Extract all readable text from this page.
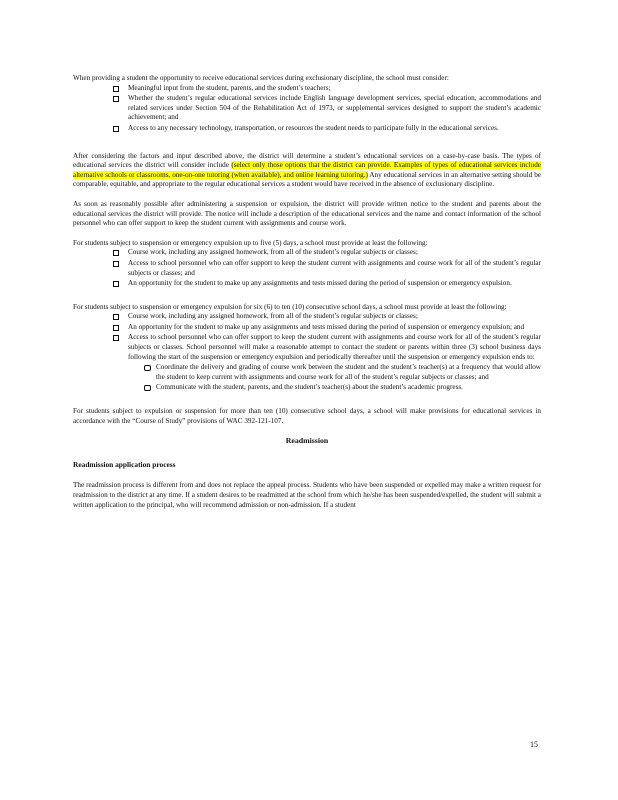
When providing a student the opportunity to receive educational services during exclusionary discipline, the school must consider:

Meaningful input from the student, parents, and the student’s teachers;
Whether the student’s regular educational services include English language development services, special education, accommodations and related services under Section 504 of the Rehabilitation Act of 1973, or supplemental services designed to support the student’s academic achievement; and
Access to any necessary technology, transportation, or resources the student needs to participate fully in the educational services.

After considering the factors and input described above, the district will determine a student’s educational services on a case-by-case basis. The types of educational services the district will consider include (select only those options that the district can provide. Examples of types of educational services include alternative schools or classrooms, one-on-one tutoring (when available), and online learning tutoring.) Any educational services in an alternative setting should be comparable, equitable, and appropriate to the regular educational services a student would have received in the absence of exclusionary discipline.

As soon as reasonably possible after administering a suspension or expulsion, the district will provide written notice to the student and parents about the educational services the district will provide. The notice will include a description of the educational services and the name and contact information of the school personnel who can offer support to keep the student current with assignments and course work.

For students subject to suspension or emergency expulsion up to five (5) days, a school must provide at least the following:

Course work, including any assigned homework, from all of the student’s regular subjects or classes;
Access to school personnel who can offer support to keep the student current with assignments and course work for all of the student’s regular subjects or classes; and
An opportunity for the student to make up any assignments and tests missed during the period of suspension or emergency expulsion.

For students subject to suspension or emergency expulsion for six (6) to ten (10) consecutive school days, a school must provide at least the following:

Course work, including any assigned homework, from all of the student’s regular subjects or classes;
An opportunity for the student to make up any assignments and tests missed during the period of suspension or emergency expulsion; and
Access to school personnel who can offer support to keep the student current with assignments and course work for all of the student’s regular subjects or classes. School personnel will make a reasonable attempt to contact the student or parents within three (3) school business days following the start of the suspension or emergency expulsion and periodically thereafter until the suspension or emergency expulsion ends to:
Coordinate the delivery and grading of course work between the student and the student’s teacher(s) at a frequency that would allow the student to keep current with assignments and course work for all of the student’s regular subjects or classes; and
Communicate with the student, parents, and the student’s teacher(s) about the student’s academic progress.

For students subject to expulsion or suspension for more than ten (10) consecutive school days, a school will make provisions for educational services in accordance with the “Course of Study” provisions of WAC 392-121-107.

Readmission
Readmission application process

The readmission process is different from and does not replace the appeal process. Students who have been suspended or expelled may make a written request for readmission to the district at any time. If a student desires to be readmitted at the school from which he/she has been suspended/expelled, the student will submit a written application to the principal, who will recommend admission or non-admission. If a student

15
